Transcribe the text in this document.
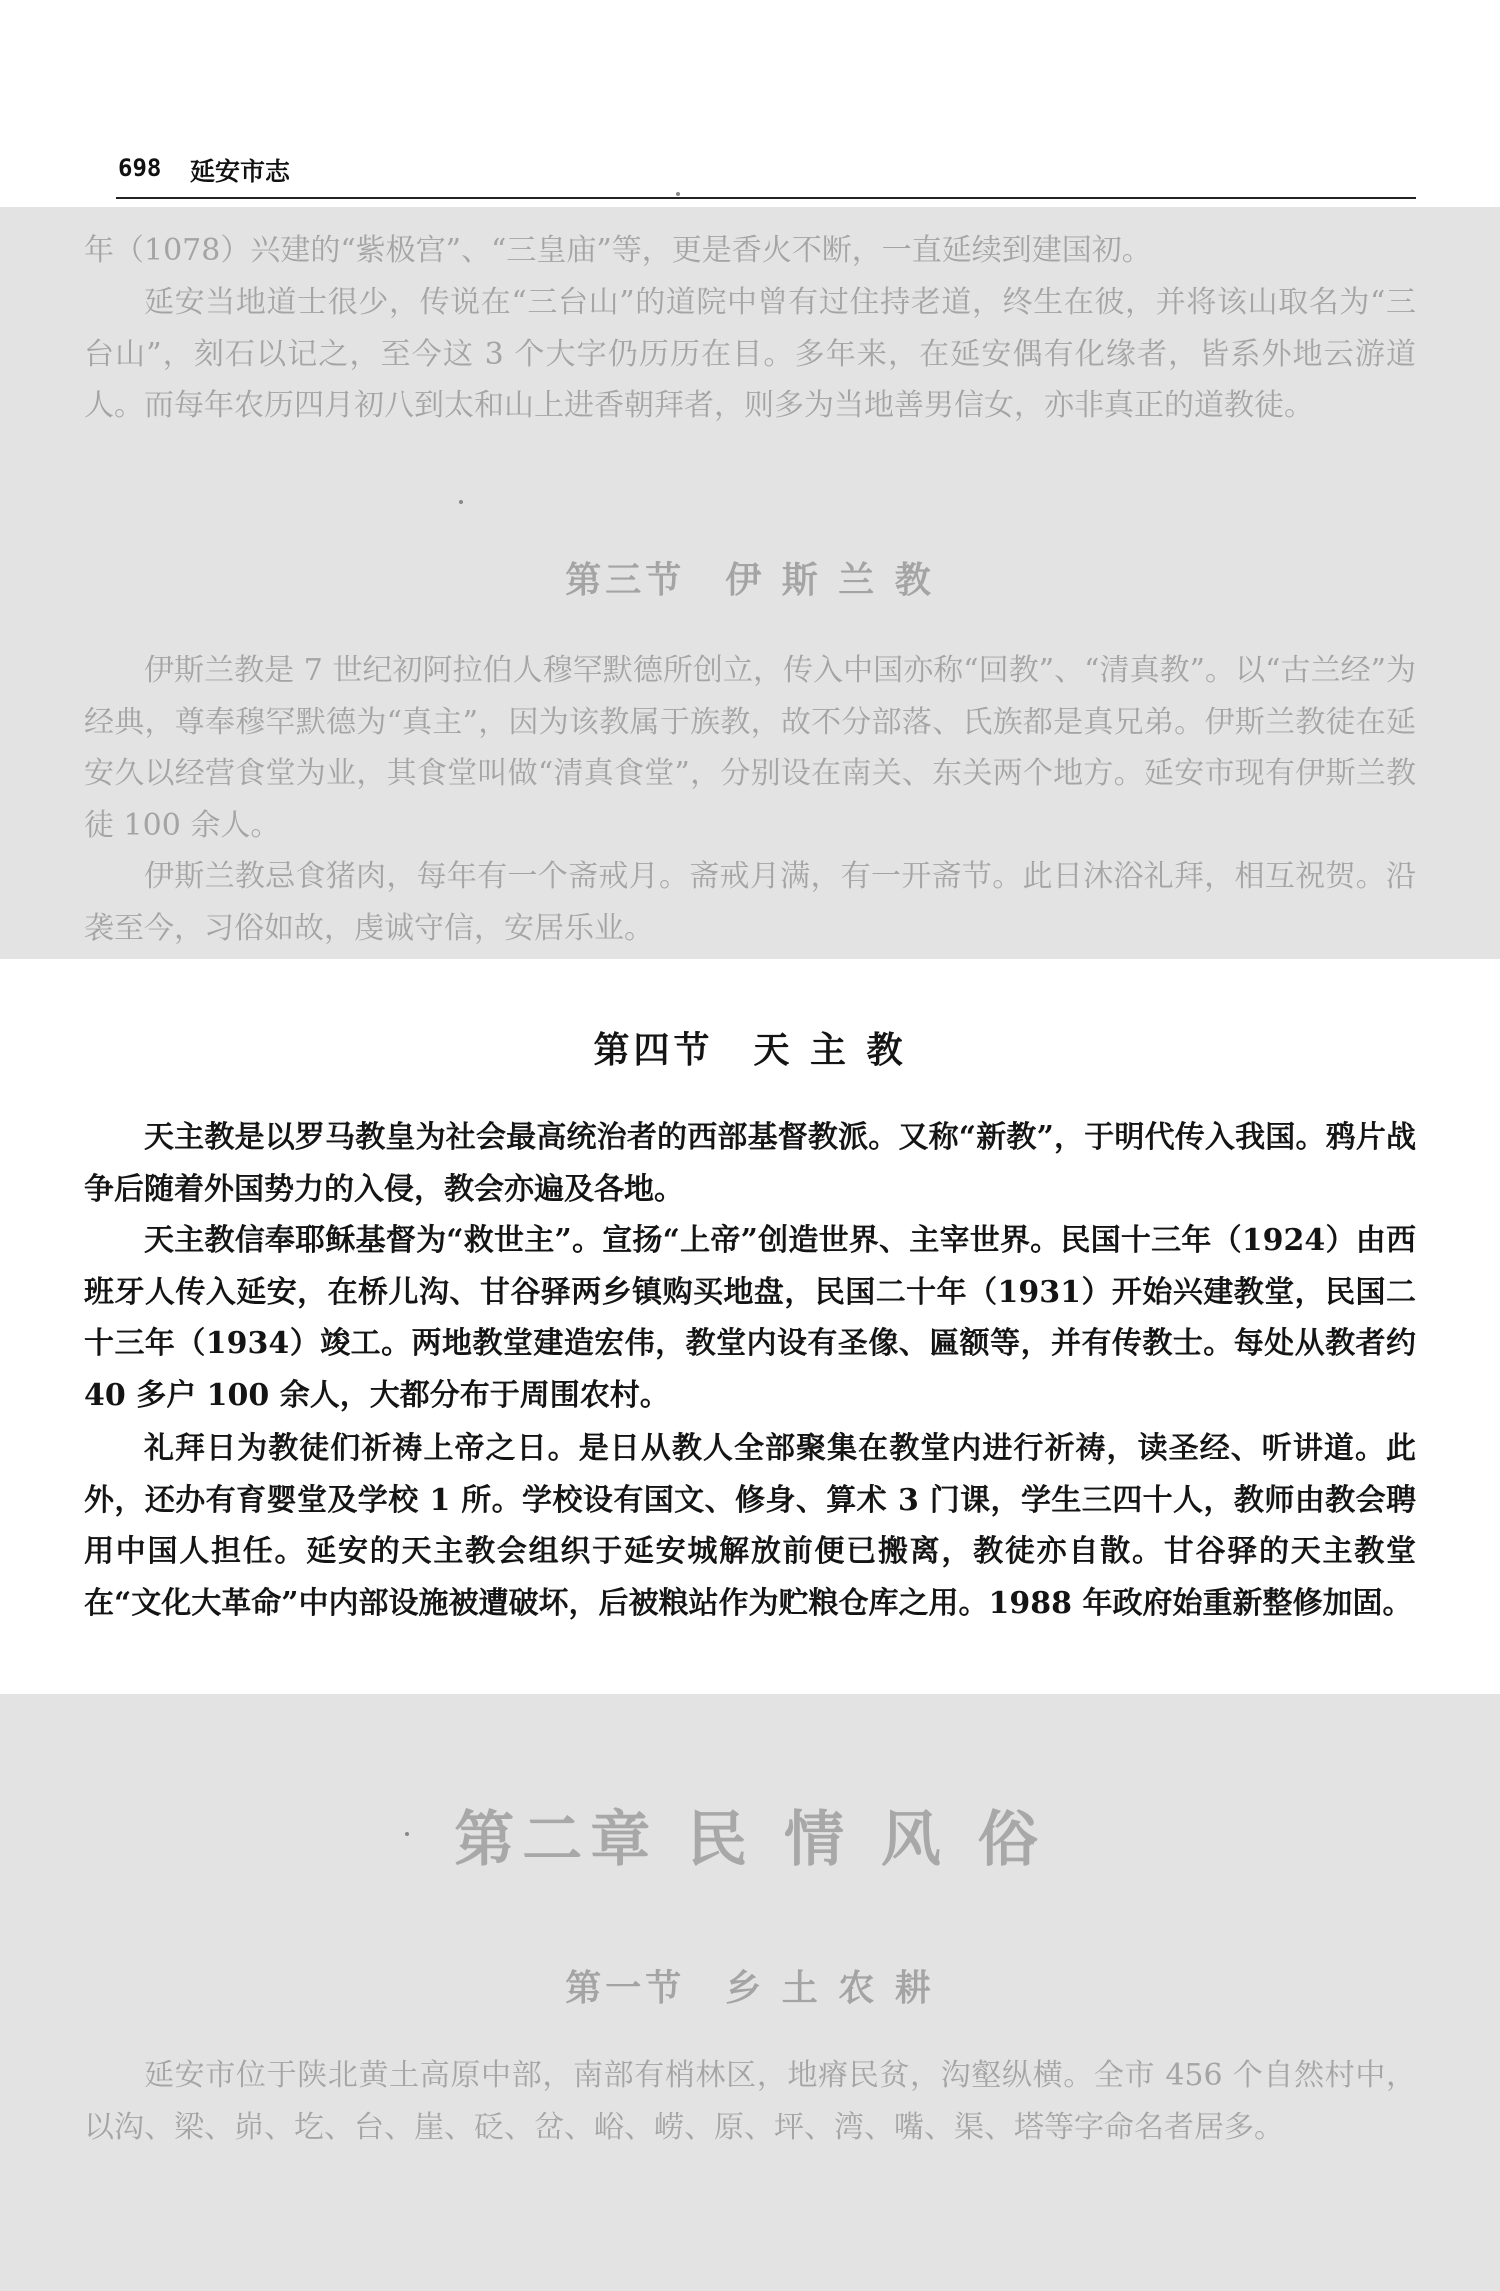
698 延安市志

年（1078）兴建的“紫极宫”、“三皇庙”等，更是香火不断，一直延续到建国初。

延安当地道士很少，传说在“三台山”的道院中曾有过住持老道，终生在彼，并将该山取名为“三台山”，刻石以记之，至今这 3 个大字仍历历在目。多年来，在延安偶有化缘者，皆系外地云游道人。而每年农历四月初八到太和山上进香朝拜者，则多为当地善男信女，亦非真正的道教徒。

第三节　伊 斯 兰 教

伊斯兰教是 7 世纪初阿拉伯人穆罕默德所创立，传入中国亦称“回教”、“清真教”。以“古兰经”为经典，尊奉穆罕默德为“真主”，因为该教属于族教，故不分部落、氏族都是真兄弟。伊斯兰教徒在延安久以经营食堂为业，其食堂叫做“清真食堂”，分别设在南关、东关两个地方。延安市现有伊斯兰教徒 100 余人。

伊斯兰教忌食猪肉，每年有一个斋戒月。斋戒月满，有一开斋节。此日沐浴礼拜，相互祝贺。沿袭至今，习俗如故，虔诚守信，安居乐业。

第四节　天 主 教

天主教是以罗马教皇为社会最高统治者的西部基督教派。又称“新教”，于明代传入我国。鸦片战争后随着外国势力的入侵，教会亦遍及各地。

天主教信奉耶稣基督为“救世主”。宣扬“上帝”创造世界、主宰世界。民国十三年（1924）由西班牙人传入延安，在桥儿沟、甘谷驿两乡镇购买地盘，民国二十年（1931）开始兴建教堂，民国二十三年（1934）竣工。两地教堂建造宏伟，教堂内设有圣像、匾额等，并有传教士。每处从教者约 40 多户 100 余人，大都分布于周围农村。

礼拜日为教徒们祈祷上帝之日。是日从教人全部聚集在教堂内进行祈祷，读圣经、听讲道。此外，还办有育婴堂及学校 1 所。学校设有国文、修身、算术 3 门课，学生三四十人，教师由教会聘用中国人担任。延安的天主教会组织于延安城解放前便已搬离，教徒亦自散。甘谷驿的天主教堂在“文化大革命”中内部设施被遭破坏，后被粮站作为贮粮仓库之用。1988 年政府始重新整修加固。

第二章 民 情 风 俗
第一节　乡 土 农 耕

延安市位于陕北黄土高原中部，南部有梢林区，地瘠民贫，沟壑纵横。全市 456 个自然村中，以沟、梁、峁、圪、台、崖、砭、岔、峪、崂、原、坪、湾、嘴、渠、塔等字命名者居多。
